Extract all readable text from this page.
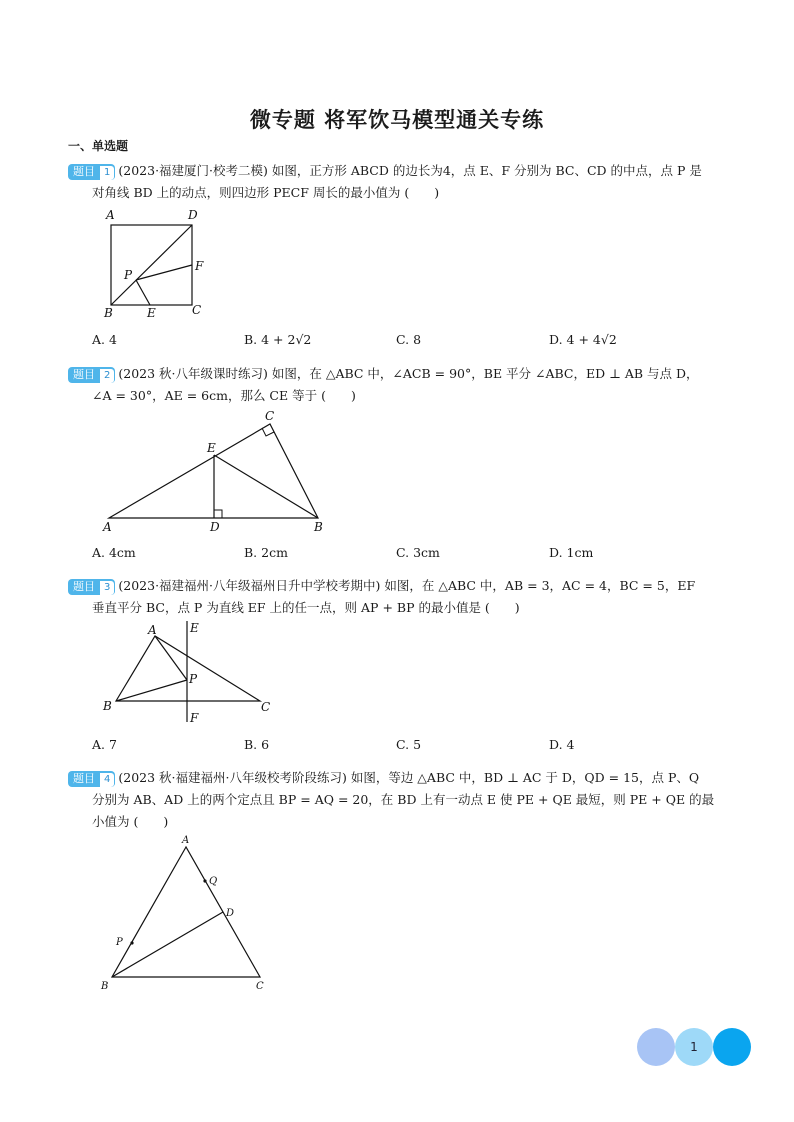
微专题 将军饮马模型通关专练
一、单选题
题目 1 (2023·福建厦门·校考二模) 如图，正方形 ABCD 的边长为4，点 E、F 分别为 BC、CD 的中点，点 P 是
对角线 BD 上的动点，则四边形 PECF 周长的最小值为 (　　)
A	D
F
P
B	E	C
A. 4	B. 4 + 2√2	C. 8	D. 4 + 4√2
题目 2 (2023 秋·八年级课时练习) 如图，在 △ABC 中，∠ACB = 90°，BE 平分 ∠ABC，ED ⊥ AB 与点 D，
∠A = 30°，AE = 6cm，那么 CE 等于 (　　)
C
E
A	D	B
A. 4cm	B. 2cm	C. 3cm	D. 1cm
题目 3 (2023·福建福州·八年级福州日升中学校考期中) 如图，在 △ABC 中，AB = 3，AC = 4，BC = 5，EF
垂直平分 BC，点 P 为直线 EF 上的任一点，则 AP + BP 的最小值是 (　　)
A	E
P
B	C
F
A. 7	B. 6	C. 5	D. 4
题目 4 (2023 秋·福建福州·八年级校考阶段练习) 如图，等边 △ABC 中，BD ⊥ AC 于 D，QD = 15，点 P、Q
分别为 AB、AD 上的两个定点且 BP = AQ = 20，在 BD 上有一动点 E 使 PE + QE 最短，则 PE + QE 的最
小值为 (　　)
A
Q
D
P
B	C
1
